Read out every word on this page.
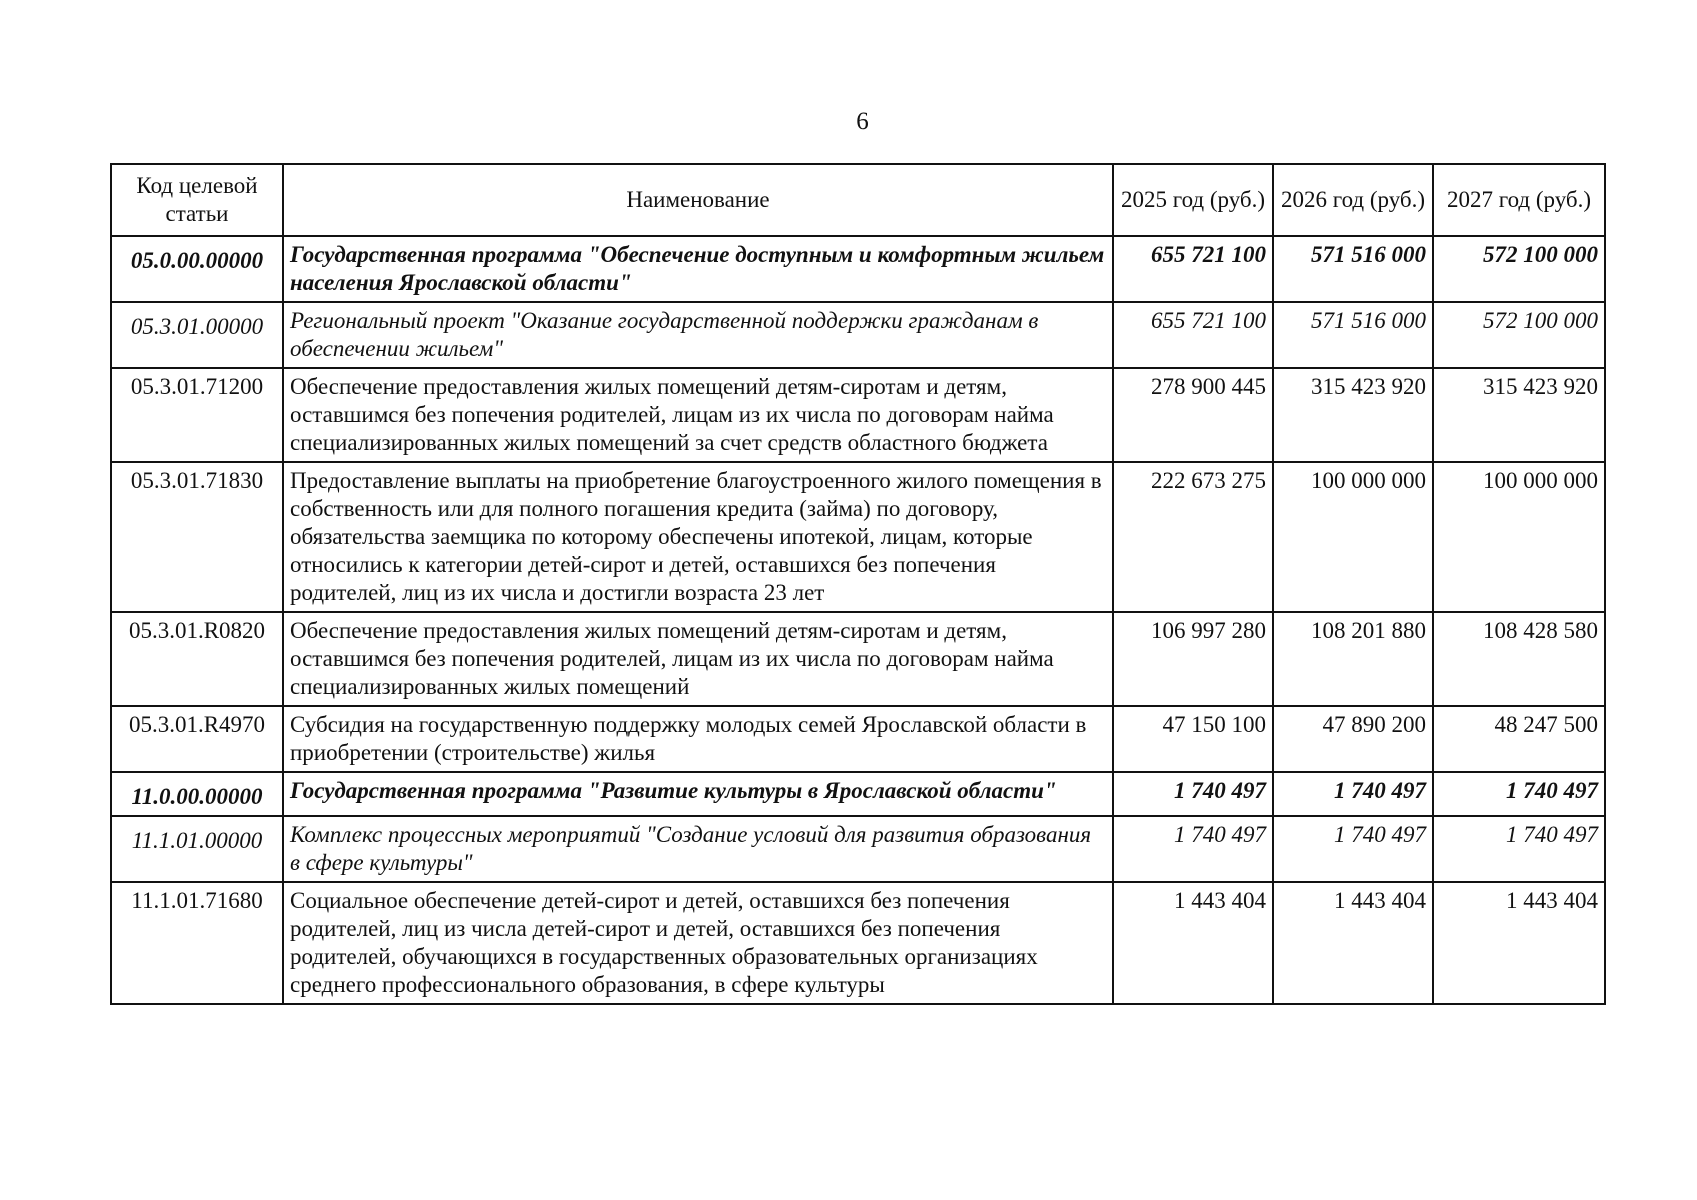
6
Код целевой статьи	Наименование	2025 год (руб.)	2026 год (руб.)	2027 год (руб.)
05.0.00.00000	Государственная программа "Обеспечение доступным и комфортным жильем населения Ярославской области"	655 721 100	571 516 000	572 100 000
05.3.01.00000	Региональный проект "Оказание государственной поддержки гражданам в обеспечении жильем"	655 721 100	571 516 000	572 100 000
05.3.01.71200	Обеспечение предоставления жилых помещений детям-сиротам и детям, оставшимся без попечения родителей, лицам из их числа по договорам найма специализированных жилых помещений за счет средств областного бюджета	278 900 445	315 423 920	315 423 920
05.3.01.71830	Предоставление выплаты на приобретение благоустроенного жилого помещения в собственность или для полного погашения кредита (займа) по договору, обязательства заемщика по которому обеспечены ипотекой, лицам, которые относились к категории детей-сирот и детей, оставшихся без попечения родителей, лиц из их числа и достигли возраста 23 лет	222 673 275	100 000 000	100 000 000
05.3.01.R0820	Обеспечение предоставления жилых помещений детям-сиротам и детям, оставшимся без попечения родителей, лицам из их числа по договорам найма специализированных жилых помещений	106 997 280	108 201 880	108 428 580
05.3.01.R4970	Субсидия на государственную поддержку молодых семей Ярославской области в приобретении (строительстве) жилья	47 150 100	47 890 200	48 247 500
11.0.00.00000	Государственная программа "Развитие культуры в Ярославской области"	1 740 497	1 740 497	1 740 497
11.1.01.00000	Комплекс процессных мероприятий "Создание условий для развития образования в сфере культуры"	1 740 497	1 740 497	1 740 497
11.1.01.71680	Социальное обеспечение детей-сирот и детей, оставшихся без попечения родителей, лиц из числа детей-сирот и детей, оставшихся без попечения родителей, обучающихся в государственных образовательных организациях среднего профессионального образования, в сфере культуры	1 443 404	1 443 404	1 443 404
